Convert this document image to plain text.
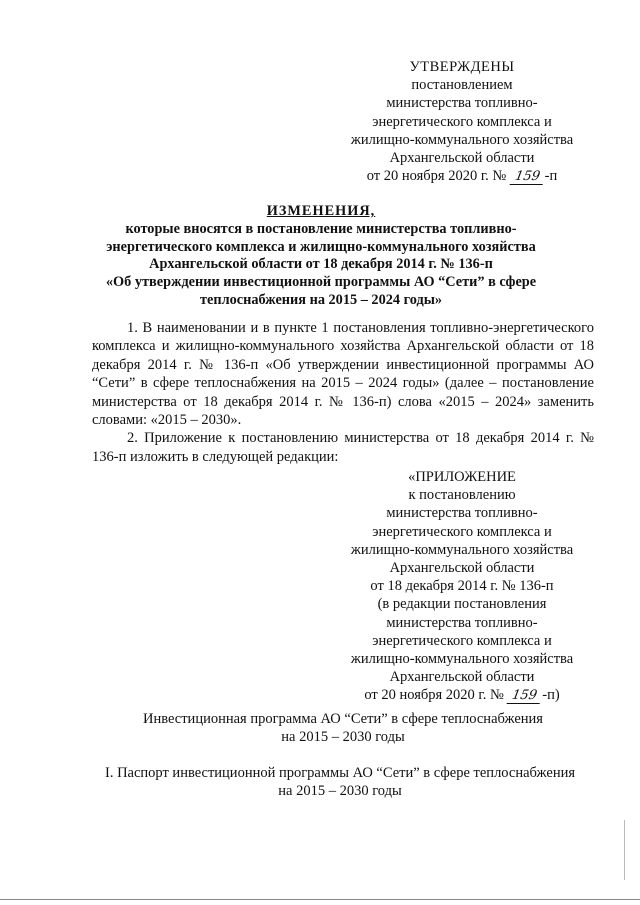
УТВЕРЖДЕНЫ
постановлением
министерства топливно-
энергетического комплекса и
жилищно-коммунального хозяйства
Архангельской области
от 20 ноября 2020 г. № 159 -п
ИЗМЕНЕНИЯ,
которые вносятся в постановление министерства топливно-
энергетического комплекса и жилищно-коммунального хозяйства
Архангельской области от 18 декабря 2014 г. № 136-п
«Об утверждении инвестиционной программы АО “Сети” в сфере
теплоснабжения на 2015 – 2024 годы»

1. В наименовании и в пункте 1 постановления топливно-энергетического комплекса и жилищно-коммунального хозяйства Архангельской области от 18 декабря 2014 г. № 136-п «Об утверждении инвестиционной программы АО “Сети” в сфере теплоснабжения на 2015 – 2024 годы» (далее – постановление министерства от 18 декабря 2014 г. № 136-п) слова «2015 – 2024» заменить словами: «2015 – 2030».

2. Приложение к постановлению министерства от 18 декабря 2014 г. № 136-п изложить в следующей редакции:

«ПРИЛОЖЕНИЕ
к постановлению
министерства топливно-
энергетического комплекса и
жилищно-коммунального хозяйства
Архангельской области
от 18 декабря 2014 г. № 136-п
(в редакции постановления
министерства топливно-
энергетического комплекса и
жилищно-коммунального хозяйства
Архангельской области
от 20 ноября 2020 г. № 159 -п)
Инвестиционная программа АО “Сети” в сфере теплоснабжения
на 2015 – 2030 годы
I. Паспорт инвестиционной программы АО “Сети” в сфере теплоснабжения
на 2015 – 2030 годы
